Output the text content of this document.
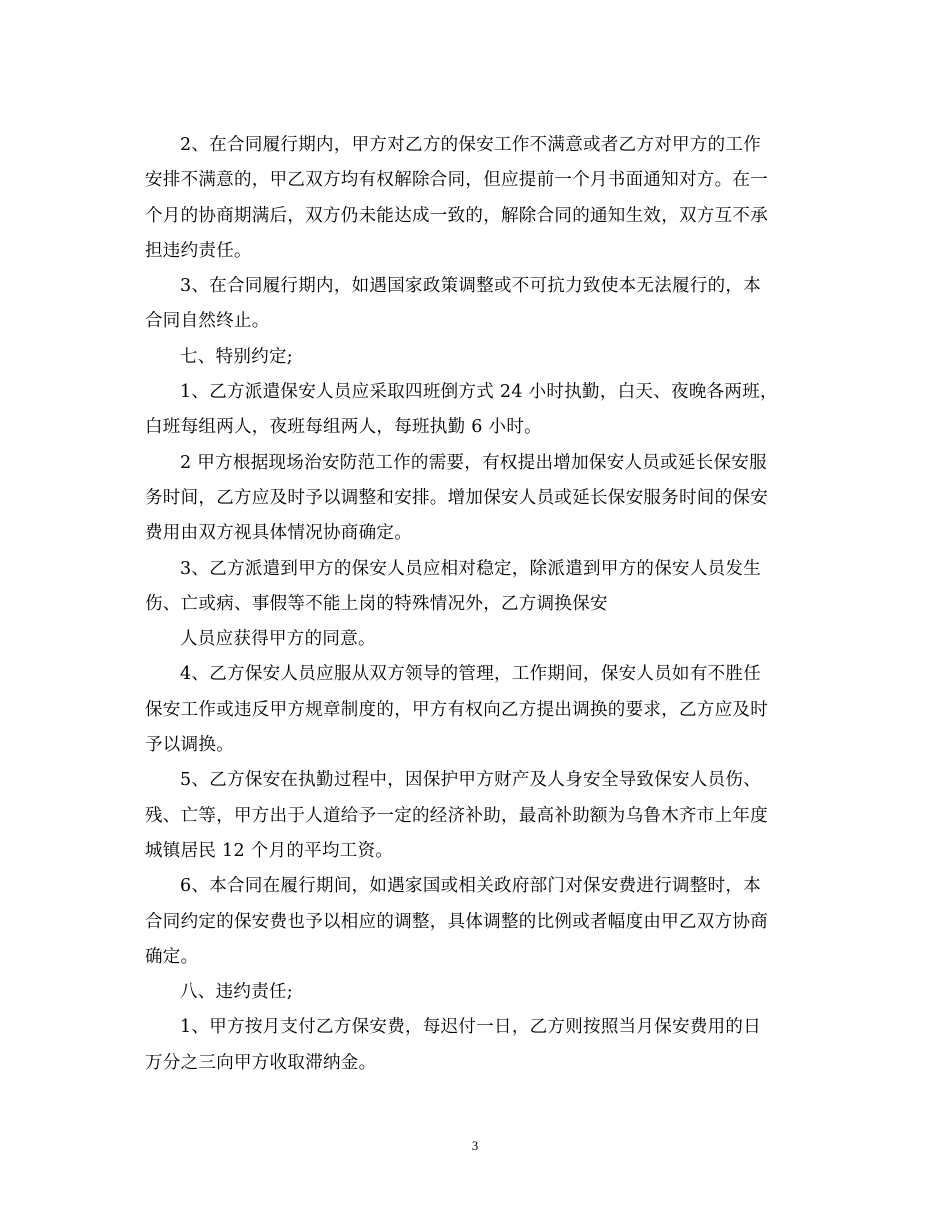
2、在合同履行期内，甲方对乙方的保安工作不满意或者乙方对甲方的工作
安排不满意的，甲乙双方均有权解除合同，但应提前一个月书面通知对方。在一
个月的协商期满后，双方仍未能达成一致的，解除合同的通知生效，双方互不承
担违约责任。

3、在合同履行期内，如遇国家政策调整或不可抗力致使本无法履行的，本
合同自然终止。

七、特别约定;

1、乙方派遣保安人员应采取四班倒方式 24 小时执勤，白天、夜晚各两班，
白班每组两人，夜班每组两人，每班执勤 6 小时。

2 甲方根据现场治安防范工作的需要，有权提出增加保安人员或延长保安服
务时间，乙方应及时予以调整和安排。增加保安人员或延长保安服务时间的保安
费用由双方视具体情况协商确定。

3、乙方派遣到甲方的保安人员应相对稳定，除派遣到甲方的保安人员发生
伤、亡或病、事假等不能上岗的特殊情况外，乙方调换保安

人员应获得甲方的同意。

4、乙方保安人员应服从双方领导的管理，工作期间，保安人员如有不胜任
保安工作或违反甲方规章制度的，甲方有权向乙方提出调换的要求，乙方应及时
予以调换。

5、乙方保安在执勤过程中，因保护甲方财产及人身安全导致保安人员伤、
残、亡等，甲方出于人道给予一定的经济补助，最高补助额为乌鲁木齐市上年度
城镇居民 12 个月的平均工资。

6、本合同在履行期间，如遇家国或相关政府部门对保安费进行调整时，本
合同约定的保安费也予以相应的调整，具体调整的比例或者幅度由甲乙双方协商
确定。

八、违约责任;

1、甲方按月支付乙方保安费，每迟付一日，乙方则按照当月保安费用的日
万分之三向甲方收取滞纳金。

3
